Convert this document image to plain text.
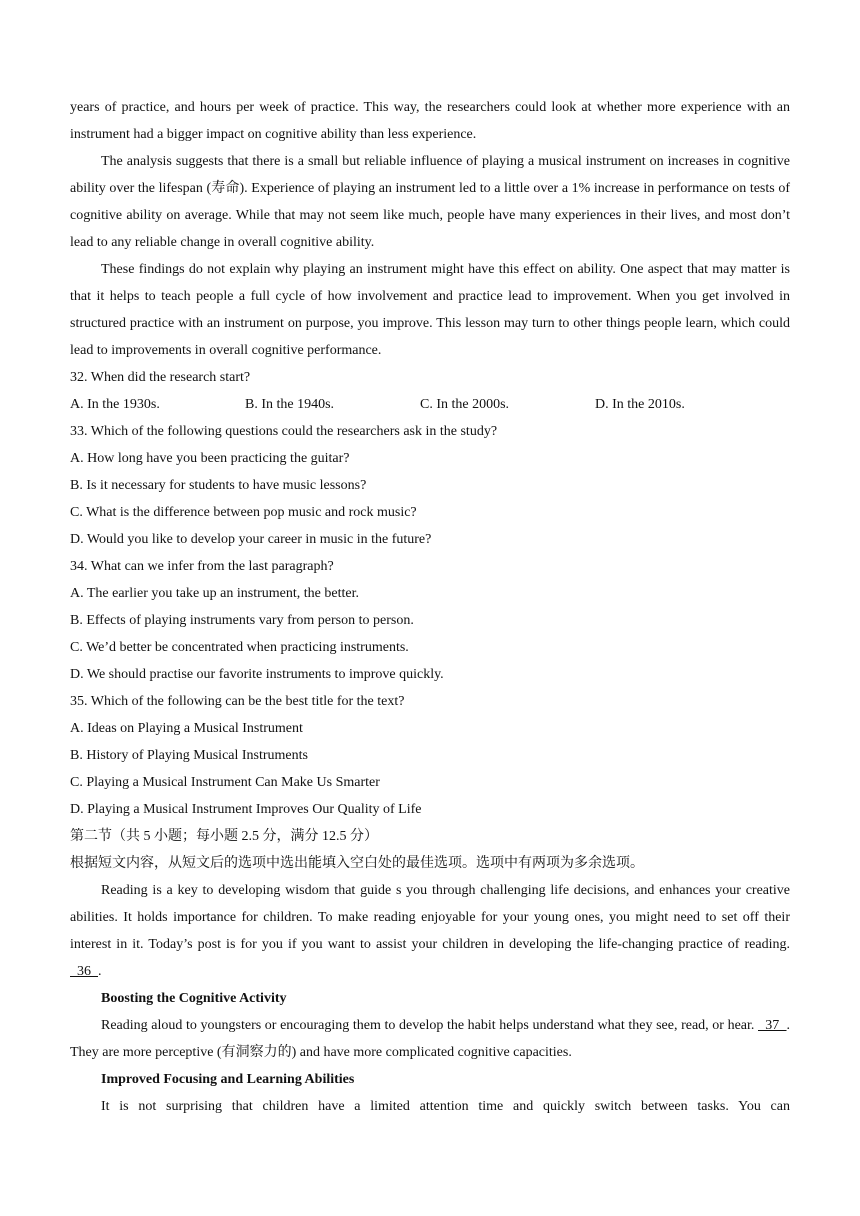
years of practice, and hours per week of practice. This way, the researchers could look at whether more experience with an instrument had a bigger impact on cognitive ability than less experience.

The analysis suggests that there is a small but reliable influence of playing a musical instrument on increases in cognitive ability over the lifespan (寿命). Experience of playing an instrument led to a little over a 1% increase in performance on tests of cognitive ability on average. While that may not seem like much, people have many experiences in their lives, and most don’t lead to any reliable change in overall cognitive ability.

These findings do not explain why playing an instrument might have this effect on ability. One aspect that may matter is that it helps to teach people a full cycle of how involvement and practice lead to improvement. When you get involved in structured practice with an instrument on purpose, you improve. This lesson may turn to other things people learn, which could lead to improvements in overall cognitive performance.

32. When did the research start?

A. In the 1930s.	B. In the 1940s.	C. In the 2000s.	D. In the 2010s.

33. Which of the following questions could the researchers ask in the study?

A. How long have you been practicing the guitar?

B. Is it necessary for students to have music lessons?

C. What is the difference between pop music and rock music?

D. Would you like to develop your career in music in the future?

34. What can we infer from the last paragraph?

A. The earlier you take up an instrument, the better.

B. Effects of playing instruments vary from person to person.

C. We’d better be concentrated when practicing instruments.

D. We should practise our favorite instruments to improve quickly.

35. Which of the following can be the best title for the text?

A. Ideas on Playing a Musical Instrument

B. History of Playing Musical Instruments

C. Playing a Musical Instrument Can Make Us Smarter

D. Playing a Musical Instrument Improves Our Quality of Life

第二节（共 5 小题；每小题 2.5 分，满分 12.5 分）

根据短文内容，从短文后的选项中选出能填入空白处的最佳选项。选项中有两项为多余选项。

Reading is a key to developing wisdom that guide s you through challenging life decisions, and enhances your creative abilities. It holds importance for children. To make reading enjoyable for your young ones, you might need to set off their interest in it. Today’s post is for you if you want to assist your children in developing the life-changing practice of reading.   36  .

Boosting the Cognitive Activity

Reading aloud to youngsters or encouraging them to develop the habit helps understand what they see, read, or hear.   37  . They are more perceptive (有洞察力的) and have more complicated cognitive capacities.

Improved Focusing and Learning Abilities

It is not surprising that children have a limited attention time and quickly switch between tasks. You can
